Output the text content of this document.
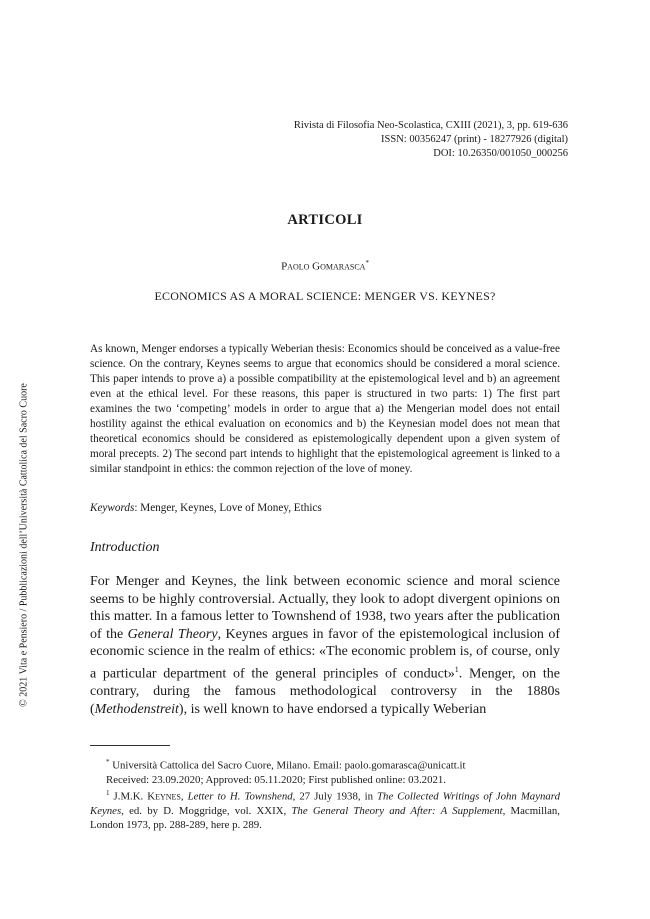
Rivista di Filosofia Neo-Scolastica, CXIII (2021), 3, pp. 619-636
ISSN: 00356247 (print) - 18277926 (digital)
DOI: 10.26350/001050_000256
ARTICOLI
Paolo Gomarasca*
ECONOMICS AS A MORAL SCIENCE: MENGER VS. KEYNES?

As known, Menger endorses a typically Weberian thesis: Economics should be conceived as a value-free science. On the contrary, Keynes seems to argue that economics should be considered a moral science. This paper intends to prove a) a possible compatibility at the epistemological level and b) an agreement even at the ethical level. For these reasons, this paper is structured in two parts: 1) The first part examines the two ‘competing’ models in order to argue that a) the Mengerian model does not entail hostility against the ethical evaluation on economics and b) the Keynesian model does not mean that theoretical economics should be considered as epistemologically dependent upon a given system of moral precepts. 2) The second part intends to highlight that the epistemological agreement is linked to a similar standpoint in ethics: the common rejection of the love of money.

Keywords: Menger, Keynes, Love of Money, Ethics

Introduction

For Menger and Keynes, the link between economic science and moral science seems to be highly controversial. Actually, they look to adopt divergent opinions on this matter. In a famous letter to Townshend of 1938, two years after the publication of the General Theory, Keynes argues in favor of the epistemological inclusion of economic science in the realm of ethics: «The economic problem is, of course, only a particular department of the general principles of conduct»$^1$. Menger, on the contrary, during the famous methodological controversy in the 1880s (Methodenstreit), is well known to have endorsed a typically Weberian

* Università Cattolica del Sacro Cuore, Milano. Email: paolo.gomarasca@unicatt.it
Received: 23.09.2020; Approved: 05.11.2020; First published online: 03.2021.

$^1$ J.M.K. Keynes, Letter to H. Townshend, 27 July 1938, in The Collected Writings of John Maynard Keynes, ed. by D. Moggridge, vol. XXIX, The General Theory and After: A Supplement, Macmillan, London 1973, pp. 288-289, here p. 289.

© 2021 Vita e Pensiero / Pubblicazioni dell’Università Cattolica del Sacro Cuore
